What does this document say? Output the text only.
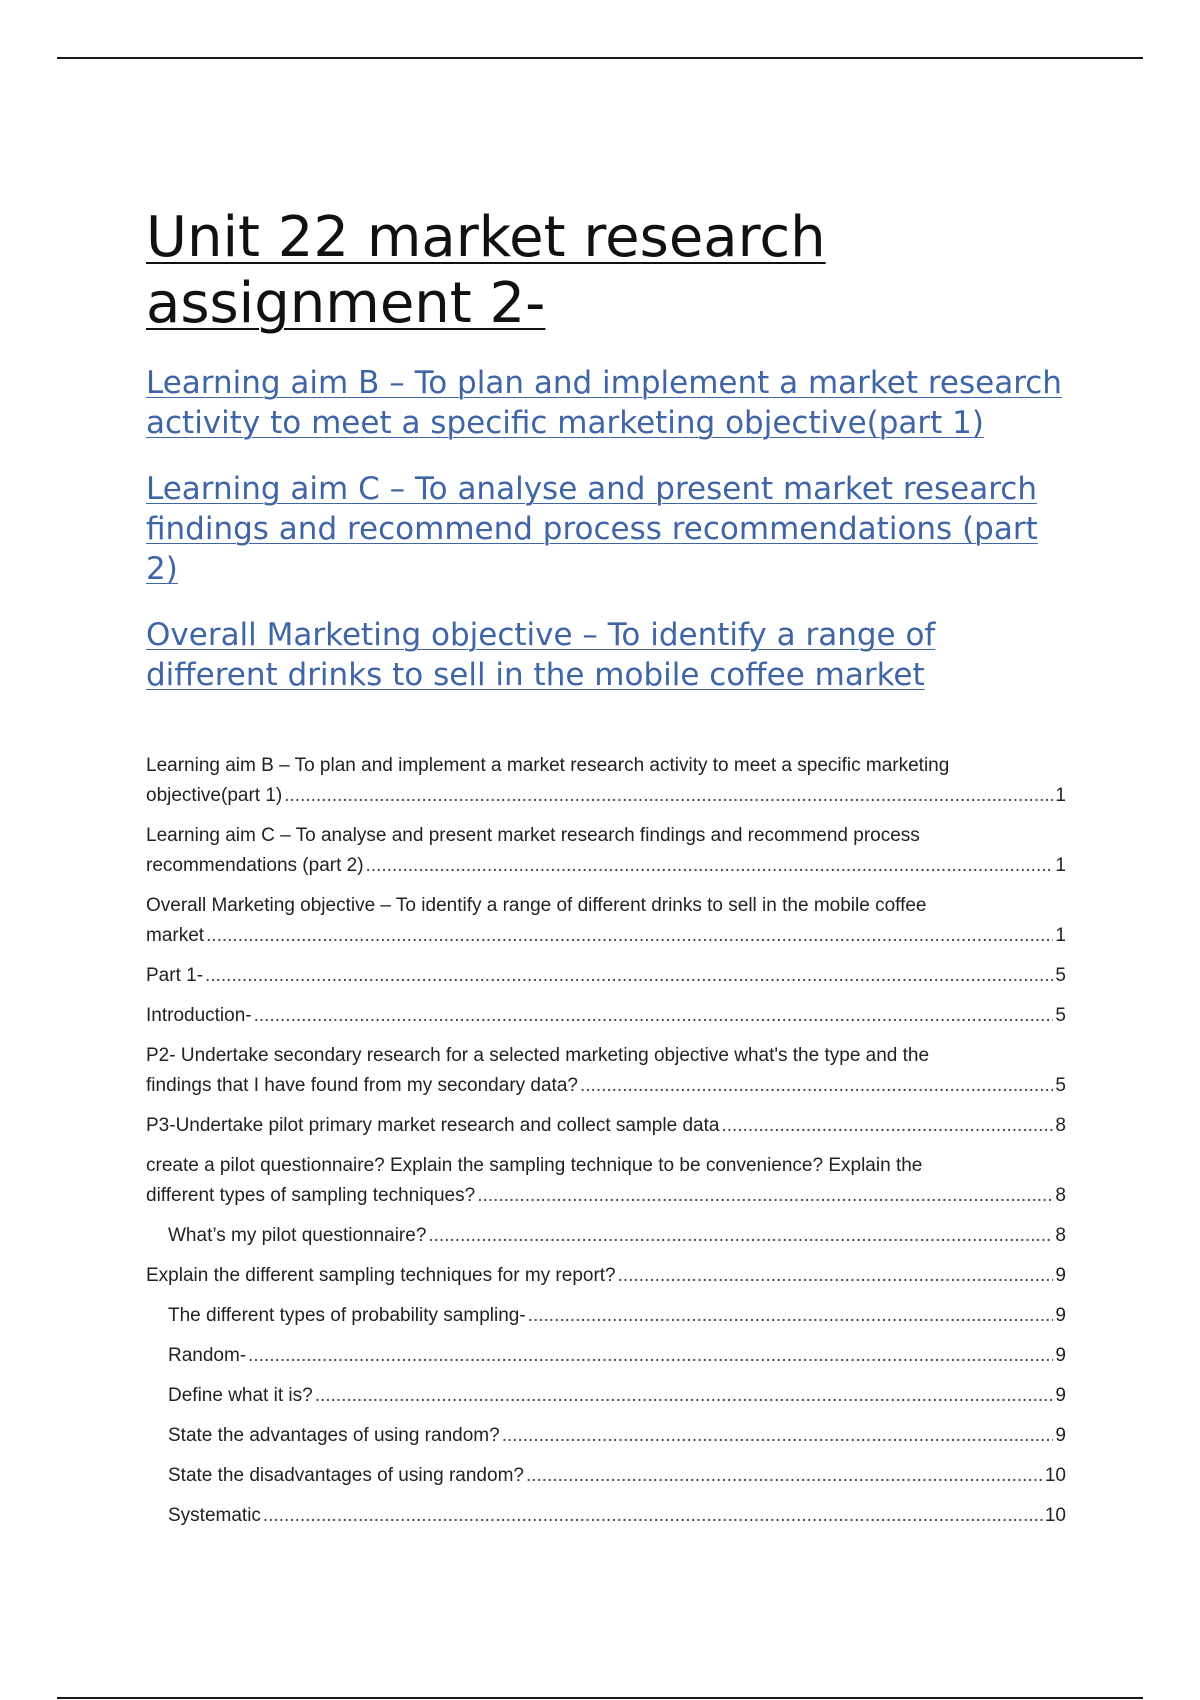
Unit 22 market research assignment 2-
Learning aim B – To plan and implement a market research activity to meet a specific marketing objective(part 1)
Learning aim C – To analyse and present market research findings and recommend process recommendations (part 2)
Overall Marketing objective – To identify a range of different drinks to sell in the mobile coffee market
Learning aim B – To plan and implement a market research activity to meet a specific marketing
objective(part 1) .....	1
Learning aim C – To analyse and present market research findings and recommend process
recommendations (part 2) .....	1
Overall Marketing objective – To identify a range of different drinks to sell in the mobile coffee
market .....	1
Part 1- .....	5
Introduction- .....	5
P2- Undertake secondary research for a selected marketing objective what's the type and the
findings that I have found from my secondary data? .....	5
P3-Undertake pilot primary market research and collect sample data .....	8
create a pilot questionnaire? Explain the sampling technique to be convenience? Explain the
different types of sampling techniques? .....	8
What’s my pilot questionnaire? .....	8
Explain the different sampling techniques for my report? .....	9
The different types of probability sampling- .....	9
Random- .....	9
Define what it is? .....	9
State the advantages of using random? .....	9
State the disadvantages of using random? .....	10
Systematic .....	10
